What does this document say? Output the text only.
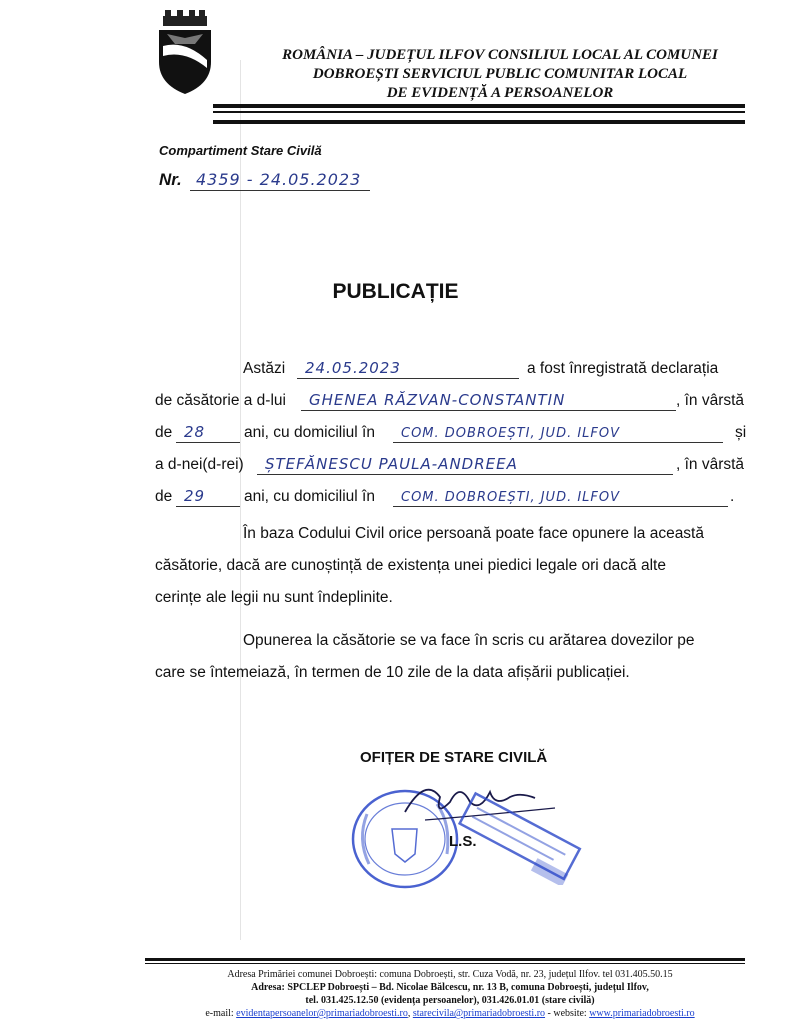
ROMÂNIA – JUDEȚUL ILFOV CONSILIUL LOCAL AL COMUNEI
DOBROEȘTI SERVICIUL PUBLIC COMUNITAR LOCAL
DE EVIDENȚĂ A PERSOANELOR
Compartiment Stare Civilă
Nr. 4359 - 24.05.2023
PUBLICAȚIE
Astăzi 24.05.2023	a fost înregistrată declarația
de căsătorie a d-lui GHENEA RĂZVAN-CONSTANTIN	, în vârstă
de 28	ani, cu domiciliul în COM. DOBROEȘTI, JUD. ILFOV	și
a d-nei(d-rei) ȘTEFĂNESCU PAULA-ANDREEA	, în vârstă
de 29	ani, cu domiciliul în COM. DOBROEȘTI, JUD. ILFOV	.
În baza Codului Civil orice persoană poate face opunere la această
căsătorie, dacă are cunoștință de existența unei piedici legale ori dacă alte
cerințe ale legii nu sunt îndeplinite.
Opunerea la căsătorie se va face în scris cu arătarea dovezilor pe
care se întemeiază, în termen de 10 zile de la data afișării publicației.
OFIȚER DE STARE CIVILĂ
L.S.
Adresa Primăriei comunei Dobroești: comuna Dobroești, str. Cuza Vodă, nr. 23, județul Ilfov. tel 031.405.50.15
Adresa: SPCLEP Dobroești – Bd. Nicolae Bălcescu, nr. 13 B, comuna Dobroești, județul Ilfov,
tel. 031.425.12.50 (evidența persoanelor), 031.426.01.01 (stare civilă)
e-mail: evidentapersoanelor@primariadobroesti.ro, starecivila@primariadobroesti.ro - website: www.primariadobroesti.ro
